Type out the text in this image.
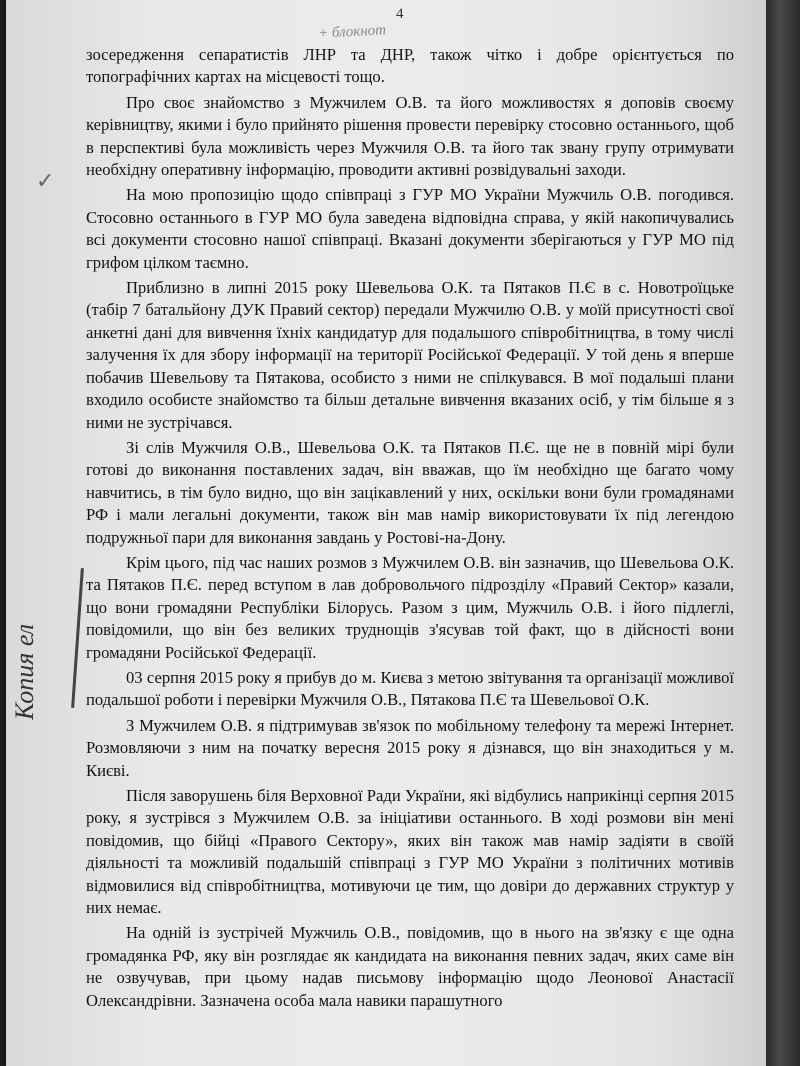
4
+ блокнот
✓
Копия ел

зосередження сепаратистів ЛНР та ДНР, також чітко і добре орієнтується по топографічних картах на місцевості тощо.

Про своє знайомство з Мужчилем О.В. та його можливостях я доповів своєму керівництву, якими і було прийнято рішення провести перевірку стосовно останнього, щоб в перспективі була можливість через Мужчиля О.В. та його так звану групу отримувати необхідну оперативну інформацію, проводити активні розвідувальні заходи.

На мою пропозицію щодо співпраці з ГУР МО України Мужчиль О.В. погодився. Стосовно останнього в ГУР МО була заведена відповідна справа, у якій накопичувались всі документи стосовно нашої співпраці. Вказані документи зберігаються у ГУР МО під грифом цілком таємно.

Приблизно в липні 2015 року Шевельова О.К. та Пятаков П.Є в с. Новотроїцьке (табір 7 батальйону ДУК Правий сектор) передали Мужчилю О.В. у моїй присутності свої анкетні дані для вивчення їхніх кандидатур для подальшого співробітництва, в тому числі залучення їх для збору інформації на території Російської Федерації. У той день я вперше побачив Шевельову та Пятакова, особисто з ними не спілкувався. В мої подальші плани входило особисте знайомство та більш детальне вивчення вказаних осіб, у тім більше я з ними не зустрічався.

Зі слів Мужчиля О.В., Шевельова О.К. та Пятаков П.Є. ще не в повній мірі були готові до виконання поставлених задач, він вважав, що їм необхідно ще багато чому навчитись, в тім було видно, що він зацікавлений у них, оскільки вони були громадянами РФ і мали легальні документи, також він мав намір використовувати їх під легендою подружньої пари для виконання завдань у Ростові-на-Дону.

Крім цього, під час наших розмов з Мужчилем О.В. він зазначив, що Шевельова О.К. та Пятаков П.Є. перед вступом в лав добровольчого підрозділу «Правий Сектор» казали, що вони громадяни Республіки Білорусь. Разом з цим, Мужчиль О.В. і його підлеглі, повідомили, що він без великих труднощів з'ясував той факт, що в дійсності вони громадяни Російської Федерації.

03 серпня 2015 року я прибув до м. Києва з метою звітування та організації можливої подальшої роботи і перевірки Мужчиля О.В., Пятакова П.Є та Шевельової О.К.

З Мужчилем О.В. я підтримував зв'язок по мобільному телефону та мережі Інтернет. Розмовляючи з ним на початку вересня 2015 року я дізнався, що він знаходиться у м. Києві.

Після заворушень біля Верховної Ради України, які відбулись наприкінці серпня 2015 року, я зустрівся з Мужчилем О.В. за ініціативи останнього. В ході розмови він мені повідомив, що бійці «Правого Сектору», яких він також мав намір задіяти в своїй діяльності та можливій подальшій співпраці з ГУР МО України з політичних мотивів відмовилися від співробітництва, мотивуючи це тим, що довіри до державних структур у них немає.

На одній із зустрічей Мужчиль О.В., повідомив, що в нього на зв'язку є ще одна громадянка РФ, яку він розглядає як кандидата на виконання певних задач, яких саме він не озвучував, при цьому надав письмову інформацію щодо Леонової Анастасії Олександрівни. Зазначена особа мала навики парашутного
